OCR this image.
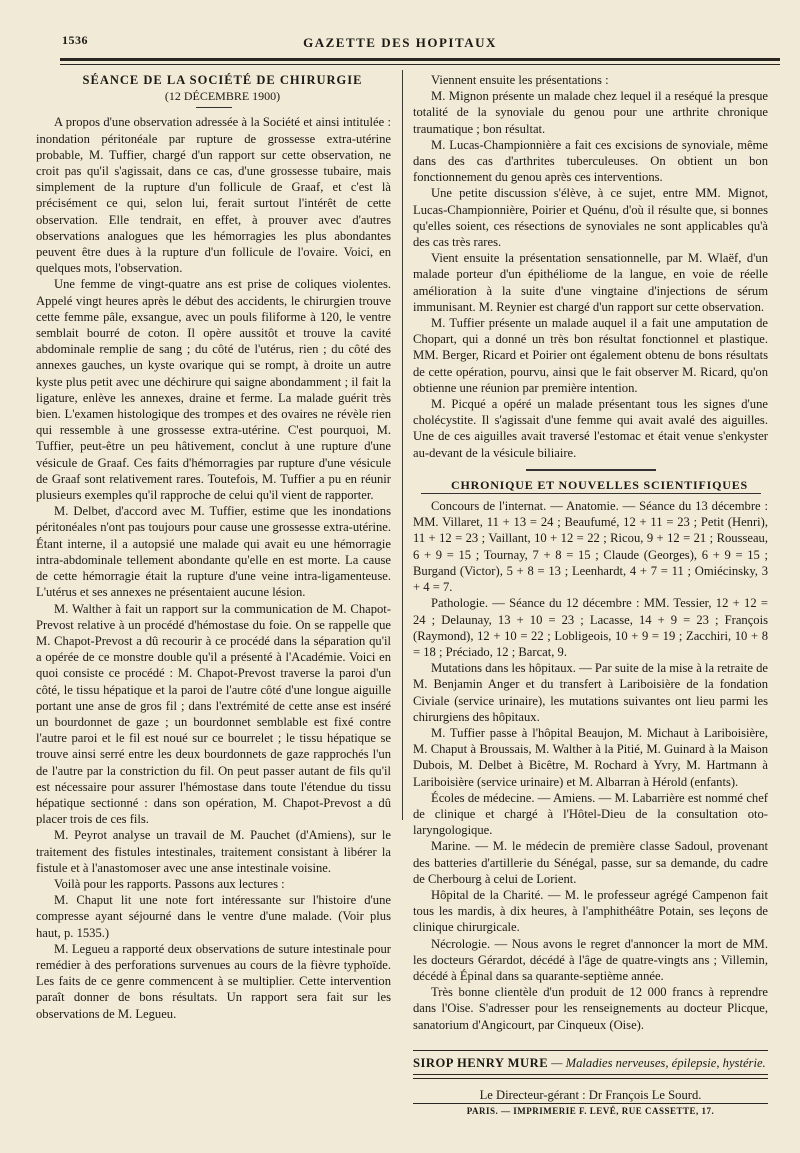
1536	GAZETTE DES HOPITAUX

SÉANCE DE LA SOCIÉTÉ DE CHIRURGIE

(12 DÉCEMBRE 1900)

A propos d'une observation adressée à la Société et ainsi intitulée : inondation péritonéale par rupture de grossesse extra-utérine probable, M. Tuffier, chargé d'un rapport sur cette observation, ne croit pas qu'il s'agissait, dans ce cas, d'une grossesse tubaire, mais simplement de la rupture d'un follicule de Graaf, et c'est là précisément ce qui, selon lui, ferait surtout l'intérêt de cette observation. Elle tendrait, en effet, à prouver avec d'autres observations analogues que les hémorragies les plus abondantes peuvent être dues à la rupture d'un follicule de l'ovaire. Voici, en quelques mots, l'observation.

Une femme de vingt-quatre ans est prise de coliques violentes. Appelé vingt heures après le début des accidents, le chirurgien trouve cette femme pâle, exsangue, avec un pouls filiforme à 120, le ventre semblait bourré de coton. Il opère aussitôt et trouve la cavité abdominale remplie de sang ; du côté de l'utérus, rien ; du côté des annexes gauches, un kyste ovarique qui se rompt, à droite un autre kyste plus petit avec une déchirure qui saigne abondamment ; il fait la ligature, enlève les annexes, draine et ferme. La malade guérit très bien. L'examen histologique des trompes et des ovaires ne révèle rien qui ressemble à une grossesse extra-utérine. C'est pourquoi, M. Tuffier, peut-être un peu hâtivement, conclut à une rupture d'une vésicule de Graaf. Ces faits d'hémorragies par rupture d'une vésicule de Graaf sont relativement rares. Toutefois, M. Tuffier a pu en réunir plusieurs exemples qu'il rapproche de celui qu'il vient de rapporter.

M. Delbet, d'accord avec M. Tuffier, estime que les inondations péritonéales n'ont pas toujours pour cause une grossesse extra-utérine. Étant interne, il a autopsié une malade qui avait eu une hémorragie intra-abdominale tellement abondante qu'elle en est morte. La cause de cette hémorragie était la rupture d'une veine intra-ligamenteuse. L'utérus et ses annexes ne présentaient aucune lésion.

M. Walther à fait un rapport sur la communication de M. Chapot-Prevost relative à un procédé d'hémostase du foie. On se rappelle que M. Chapot-Prevost a dû recourir à ce procédé dans la séparation qu'il a opérée de ce monstre double qu'il a présenté à l'Académie. Voici en quoi consiste ce procédé : M. Chapot-Prevost traverse la paroi d'un côté, le tissu hépatique et la paroi de l'autre côté d'une longue aiguille portant une anse de gros fil ; dans l'extrémité de cette anse est inséré un bourdonnet de gaze ; un bourdonnet semblable est fixé contre l'autre paroi et le fil est noué sur ce bourrelet ; le tissu hépatique se trouve ainsi serré entre les deux bourdonnets de gaze rapprochés l'un de l'autre par la constriction du fil. On peut passer autant de fils qu'il est nécessaire pour assurer l'hémostase dans toute l'étendue du tissu hépatique sectionné : dans son opération, M. Chapot-Prevost a dû placer trois de ces fils.

M. Peyrot analyse un travail de M. Pauchet (d'Amiens), sur le traitement des fistules intestinales, traitement consistant à libérer la fistule et à l'anastomoser avec une anse intestinale voisine.

Voilà pour les rapports. Passons aux lectures :

M. Chaput lit une note fort intéressante sur l'histoire d'une compresse ayant séjourné dans le ventre d'une malade. (Voir plus haut, p. 1535.)

M. Legueu a rapporté deux observations de suture intestinale pour remédier à des perforations survenues au cours de la fièvre typhoïde. Les faits de ce genre commencent à se multiplier. Cette intervention paraît donner de bons résultats. Un rapport sera fait sur les observations de M. Legueu.

Viennent ensuite les présentations :

M. Mignon présente un malade chez lequel il a reséqué la presque totalité de la synoviale du genou pour une arthrite chronique traumatique ; bon résultat.

M. Lucas-Championnière a fait ces excisions de synoviale, même dans des cas d'arthrites tuberculeuses. On obtient un bon fonctionnement du genou après ces interventions.

Une petite discussion s'élève, à ce sujet, entre MM. Mignot, Lucas-Championnière, Poirier et Quénu, d'où il résulte que, si bonnes qu'elles soient, ces résections de synoviales ne sont applicables qu'à des cas très rares.

Vient ensuite la présentation sensationnelle, par M. Wlaëf, d'un malade porteur d'un épithéliome de la langue, en voie de réelle amélioration à la suite d'une vingtaine d'injections de sérum immunisant. M. Reynier est chargé d'un rapport sur cette observation.

M. Tuffier présente un malade auquel il a fait une amputation de Chopart, qui a donné un très bon résultat fonctionnel et plastique. MM. Berger, Ricard et Poirier ont également obtenu de bons résultats de cette opération, pourvu, ainsi que le fait observer M. Ricard, qu'on obtienne une réunion par première intention.

M. Picqué a opéré un malade présentant tous les signes d'une cholécystite. Il s'agissait d'une femme qui avait avalé des aiguilles. Une de ces aiguilles avait traversé l'estomac et était venue s'enkyster au-devant de la vésicule biliaire.

CHRONIQUE ET NOUVELLES SCIENTIFIQUES

Concours de l'internat. — Anatomie. — Séance du 13 décembre : MM. Villaret, 11 + 13 = 24 ; Beaufumé, 12 + 11 = 23 ; Petit (Henri), 11 + 12 = 23 ; Vaillant, 10 + 12 = 22 ; Ricou, 9 + 12 = 21 ; Rousseau, 6 + 9 = 15 ; Tournay, 7 + 8 = 15 ; Claude (Georges), 6 + 9 = 15 ; Burgand (Victor), 5 + 8 = 13 ; Leenhardt, 4 + 7 = 11 ; Omiécinsky, 3 + 4 = 7.

Pathologie. — Séance du 12 décembre : MM. Tessier, 12 + 12 = 24 ; Delaunay, 13 + 10 = 23 ; Lacasse, 14 + 9 = 23 ; François (Raymond), 12 + 10 = 22 ; Lobligeois, 10 + 9 = 19 ; Zacchiri, 10 + 8 = 18 ; Préciado, 12 ; Barcat, 9.

Mutations dans les hôpitaux. — Par suite de la mise à la retraite de M. Benjamin Anger et du transfert à Lariboisière de la fondation Civiale (service urinaire), les mutations suivantes ont lieu parmi les chirurgiens des hôpitaux.

M. Tuffier passe à l'hôpital Beaujon, M. Michaut à Lariboisière, M. Chaput à Broussais, M. Walther à la Pitié, M. Guinard à la Maison Dubois, M. Delbet à Bicêtre, M. Rochard à Yvry, M. Hartmann à Lariboisière (service urinaire) et M. Albarran à Hérold (enfants).

Écoles de médecine. — Amiens. — M. Labarrière est nommé chef de clinique et chargé à l'Hôtel-Dieu de la consultation oto-laryngologique.

Marine. — M. le médecin de première classe Sadoul, provenant des batteries d'artillerie du Sénégal, passe, sur sa demande, du cadre de Cherbourg à celui de Lorient.

Hôpital de la Charité. — M. le professeur agrégé Campenon fait tous les mardis, à dix heures, à l'amphithéâtre Potain, ses leçons de clinique chirurgicale.

Nécrologie. — Nous avons le regret d'annoncer la mort de MM. les docteurs Gérardot, décédé à l'âge de quatre-vingts ans ; Villemin, décédé à Épinal dans sa quarante-septième année.

Très bonne clientèle d'un produit de 12 000 francs à reprendre dans l'Oise. S'adresser pour les renseignements au docteur Plicque, sanatorium d'Angicourt, par Cinqueux (Oise).

SIROP HENRY MURE — Maladies nerveuses, épilepsie, hystérie.
Le Directeur-gérant : Dr François Le Sourd.
PARIS. — IMPRIMERIE F. LEVÉ, RUE CASSETTE, 17.
